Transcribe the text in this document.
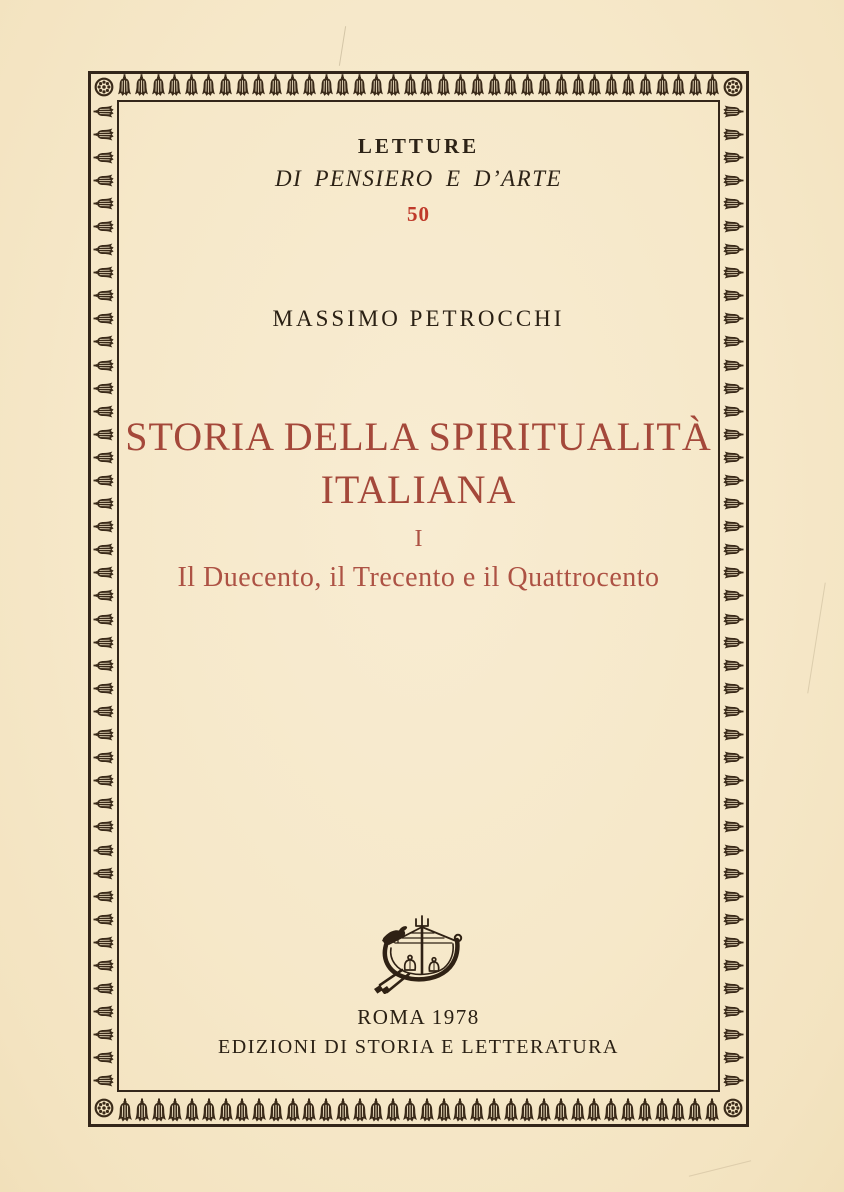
LETTURE
DI PENSIERO E D’ARTE
50
MASSIMO PETROCCHI
STORIA DELLA SPIRITUALITÀ
ITALIANA
I
Il Duecento, il Trecento e il Quattrocento
ROMA 1978
EDIZIONI DI STORIA E LETTERATURA
